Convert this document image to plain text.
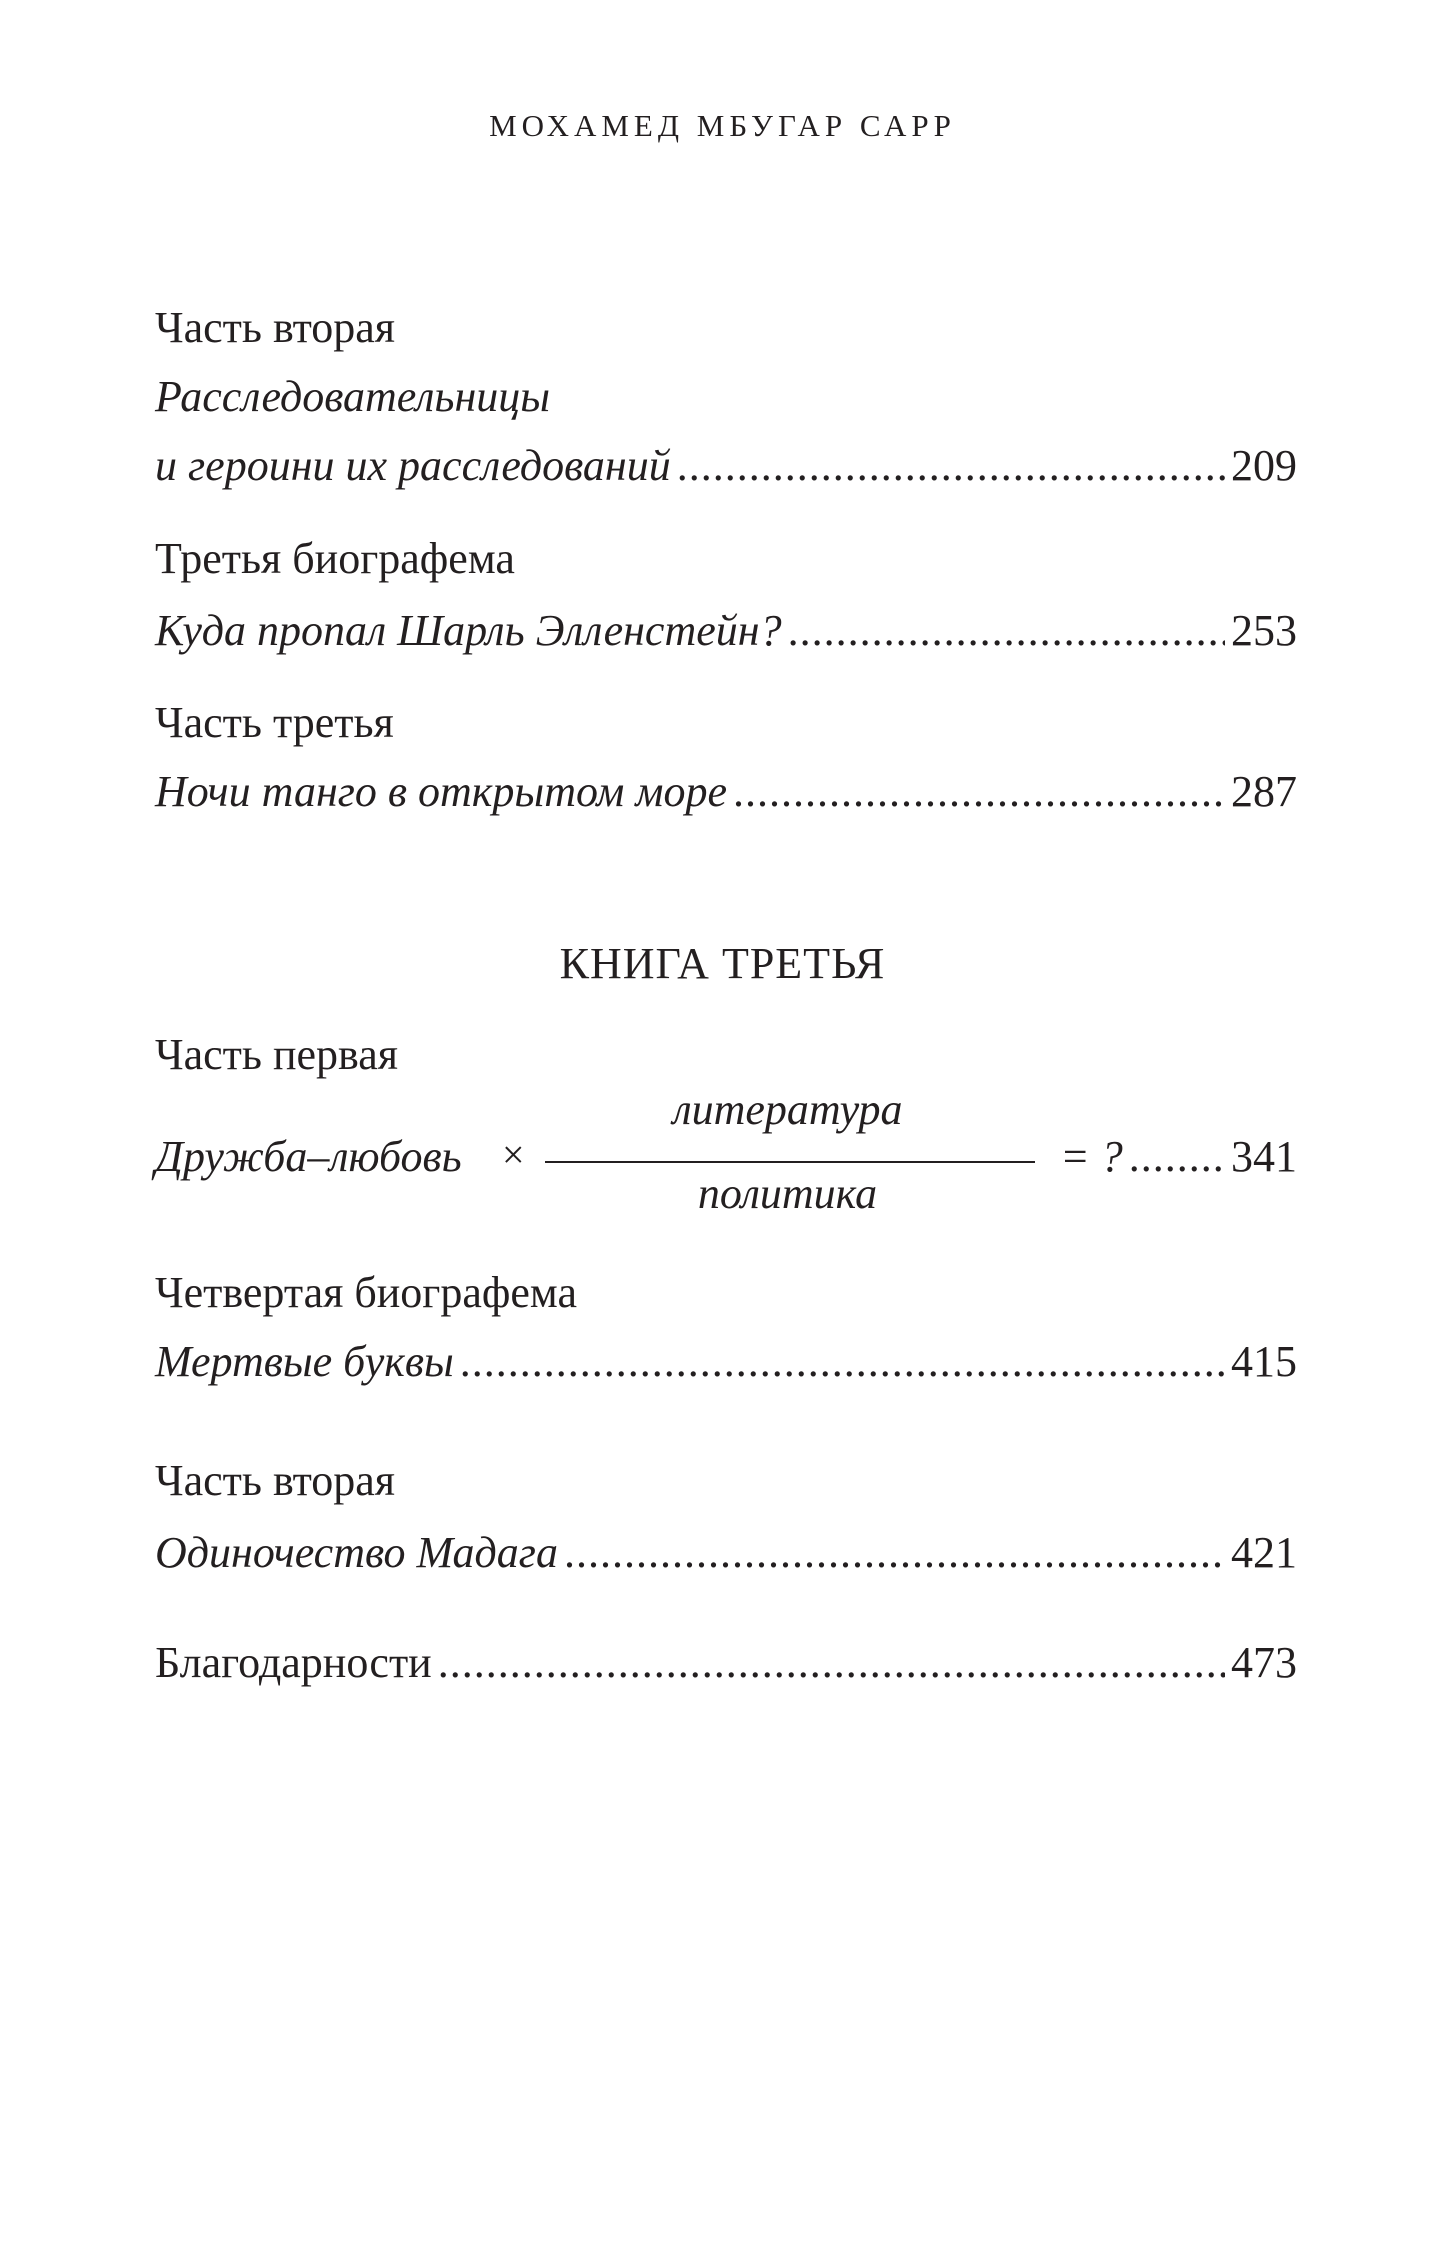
МОХАМЕД МБУГАР САРР
Часть вторая
Расследовательницы
и героини их расследований .....	209
Третья биографема
Куда пропал Шарль Элленстейн? .....	253
Часть третья
Ночи танго в открытом море .....	287
КНИГА ТРЕТЬЯ
Часть первая
Дружба–любовь ×
литература
политика
= ? ..... 341
Четвертая биографема
Мертвые буквы .....	415
Часть вторая
Одиночество Мадага .....	421
Благодарности .....	473
